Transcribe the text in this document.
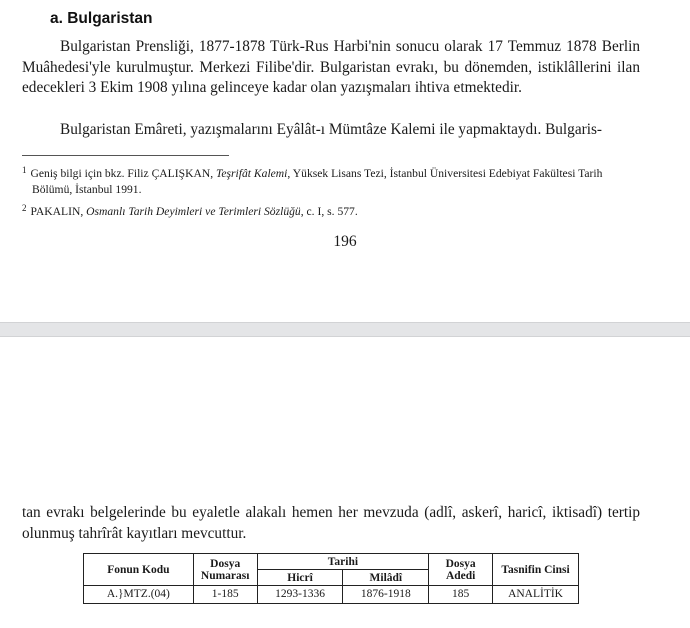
a. Bulgaristan

Bulgaristan Prensliği, 1877-1878 Türk-Rus Harbi'nin sonucu olarak 17 Temmuz 1878 Berlin Muâhedesi'yle kurulmuştur. Merkezi Filibe'dir. Bulgaristan evrakı, bu dönemden, istiklâllerini ilan edecekleri 3 Ekim 1908 yılına gelinceye kadar olan yazışmaları ihtiva etmektedir.

Bulgaristan Emâreti, yazışmalarını Eyâlât-ı Mümtâze Kalemi ile yapmaktaydı. Bulgaris-

$^1$ Geniş bilgi için bkz. Filiz ÇALIŞKAN, Teşrifât Kalemi, Yüksek Lisans Tezi, İstanbul Üniversitesi Edebiyat Fakültesi Tarih Bölümü, İstanbul 1991.

$^2$ PAKALIN, Osmanlı Tarih Deyimleri ve Terimleri Sözlüğü, c. I, s. 577.

196

tan evrakı belgelerinde bu eyaletle alakalı hemen her mevzuda (adlî, askerî, haricî, iktisadî) tertip olunmuş tahrîrât kayıtları mevcuttur.

Fonun Kodu	Dosya Numarası	Tarihi		Dosya Adedi	Tasnifin Cinsi
		Hicrî	Milâdî		
A.}MTZ.(04)	1-185	1293-1336	1876-1918	185	ANALİTİK
